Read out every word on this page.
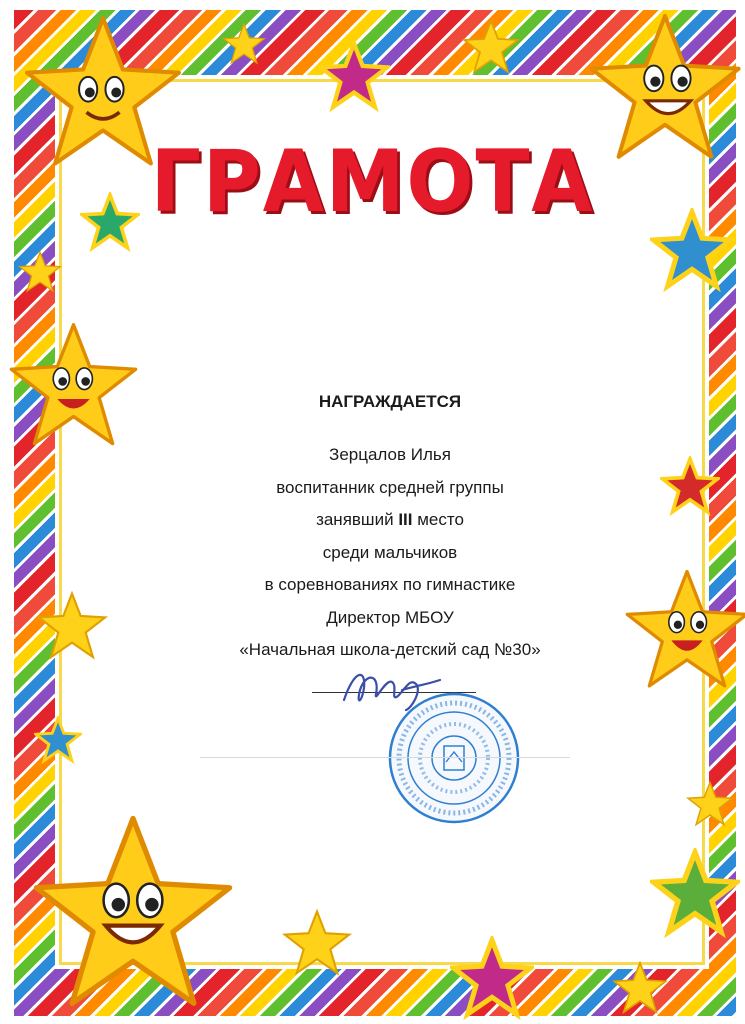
ГРАМОТА
НАГРАЖДАЕТСЯ
Зерцалов Илья
воспитанник средней группы
занявший III место
среди мальчиков
в соревнованиях по гимнастике
Директор МБОУ
«Начальная школа-детский сад №30»
